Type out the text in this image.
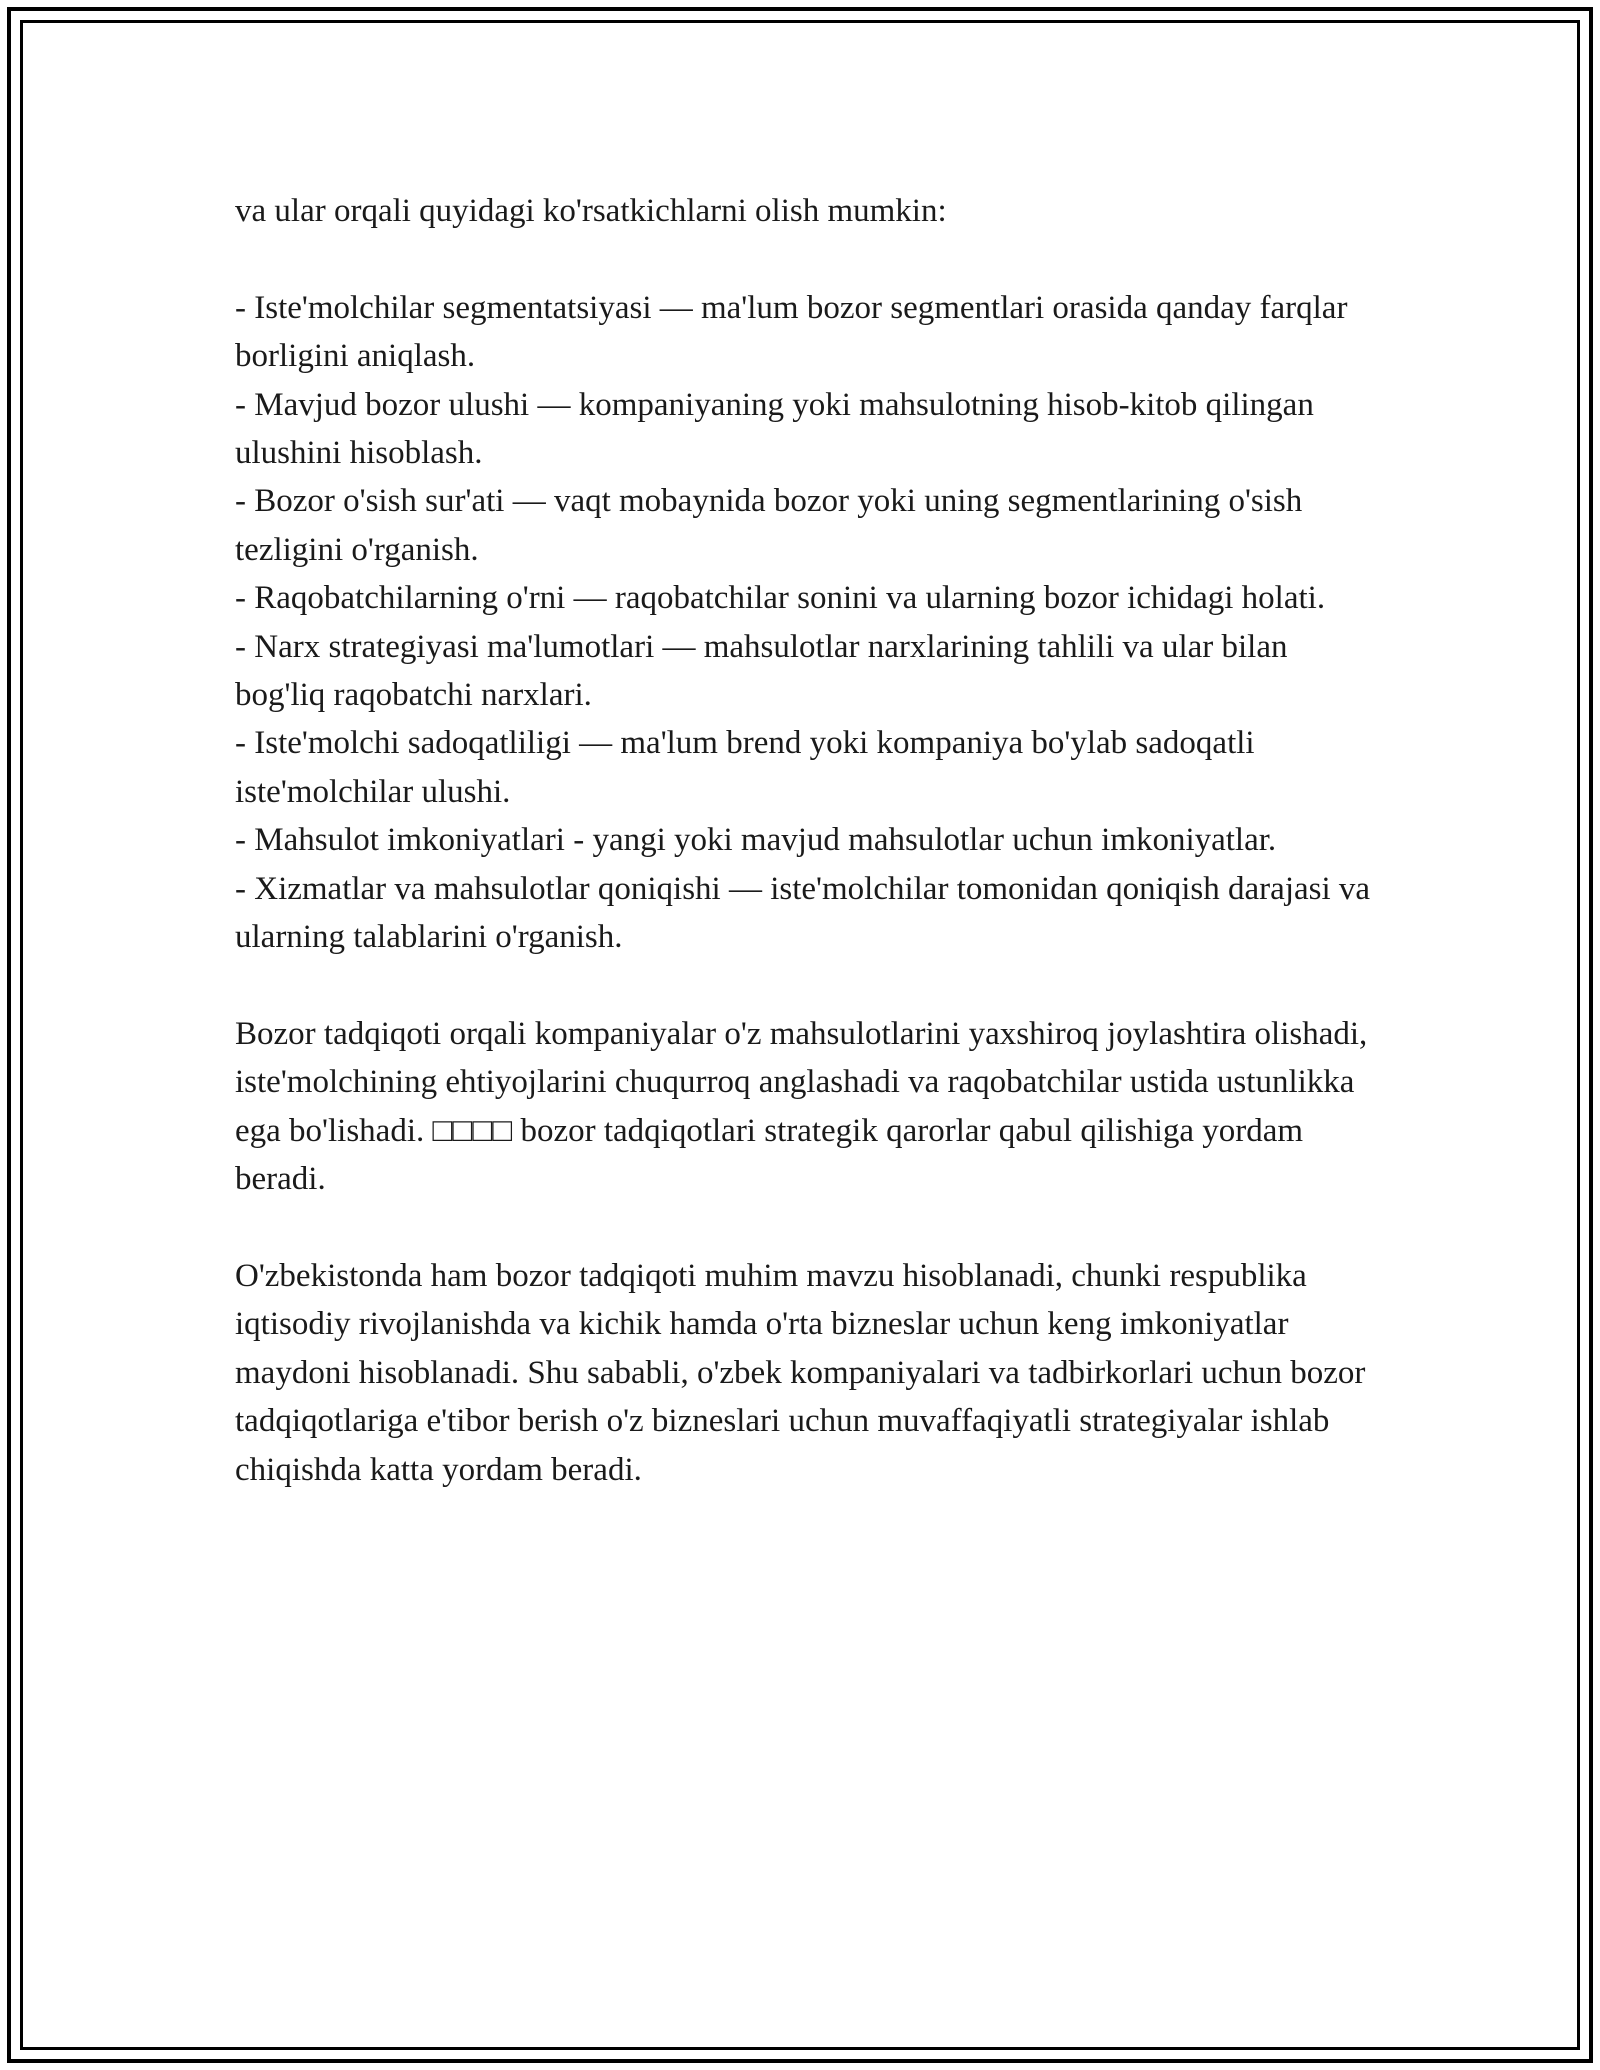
va ular orqali quyidagi ko'rsatkichlarni olish mumkin:

- Iste'molchilar segmentatsiyasi — ma'lum bozor segmentlari orasida qanday farqlar borligini aniqlash.

- Mavjud bozor ulushi — kompaniyaning yoki mahsulotning hisob-kitob qilingan ulushini hisoblash.

- Bozor o'sish sur'ati — vaqt mobaynida bozor yoki uning segmentlarining o'sish tezligini o'rganish.

- Raqobatchilarning o'rni — raqobatchilar sonini va ularning bozor ichidagi holati.

- Narx strategiyasi ma'lumotlari — mahsulotlar narxlarining tahlili va ular bilan bog'liq raqobatchi narxlari.

- Iste'molchi sadoqatliligi — ma'lum brend yoki kompaniya bo'ylab sadoqatli iste'molchilar ulushi.

- Mahsulot imkoniyatlari - yangi yoki mavjud mahsulotlar uchun imkoniyatlar.

- Xizmatlar va mahsulotlar qoniqishi — iste'molchilar tomonidan qoniqish darajasi va ularning talablarini o'rganish.

Bozor tadqiqoti orqali kompaniyalar o'z mahsulotlarini yaxshiroq joylashtira olishadi, iste'molchining ehtiyojlarini chuqurroq anglashadi va raqobatchilar ustida ustunlikka ega bo'lishadi. □□□□ bozor tadqiqotlari strategik qarorlar qabul qilishiga yordam beradi.

O'zbekistonda ham bozor tadqiqoti muhim mavzu hisoblanadi, chunki respublika iqtisodiy rivojlanishda va kichik hamda o'rta bizneslar uchun keng imkoniyatlar maydoni hisoblanadi. Shu sababli, o'zbek kompaniyalari va tadbirkorlari uchun bozor tadqiqotlariga e'tibor berish o'z bizneslari uchun muvaffaqiyatli strategiyalar ishlab chiqishda katta yordam beradi.
